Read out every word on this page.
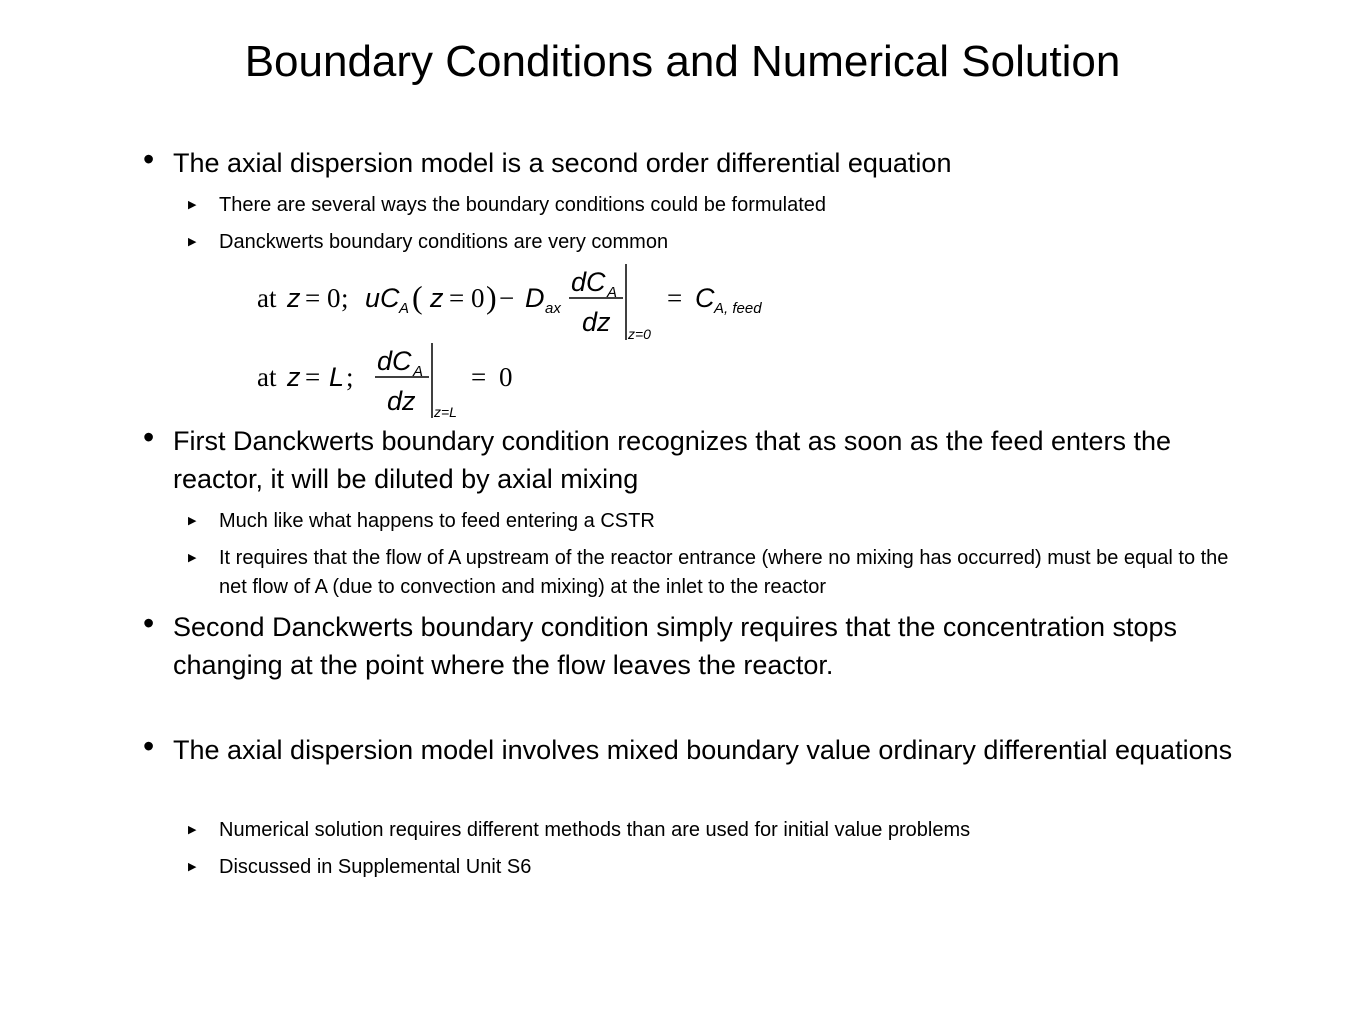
Boundary Conditions and Numerical Solution
• The axial dispersion model is a second order differential equation
▶ There are several ways the boundary conditions could be formulated
▶ Danckwerts boundary conditions are very common
at z = 0 ; u C A ( z = 0 ) − D ax
dC A
dz z=0
= C A, feed
at z = L ;
dC A
dz z=L
= 0
• First Danckwerts boundary condition recognizes that as soon as the feed enters the reactor, it will be diluted by axial mixing
▶ Much like what happens to feed entering a CSTR
▶ It requires that the flow of A upstream of the reactor entrance (where no mixing has occurred) must be equal to the net flow of A (due to convection and mixing) at the inlet to the reactor
• Second Danckwerts boundary condition simply requires that the concentration stops changing at the point where the flow leaves the reactor.
• The axial dispersion model involves mixed boundary value ordinary differential equations
▶ Numerical solution requires different methods than are used for initial value problems
▶ Discussed in Supplemental Unit S6
